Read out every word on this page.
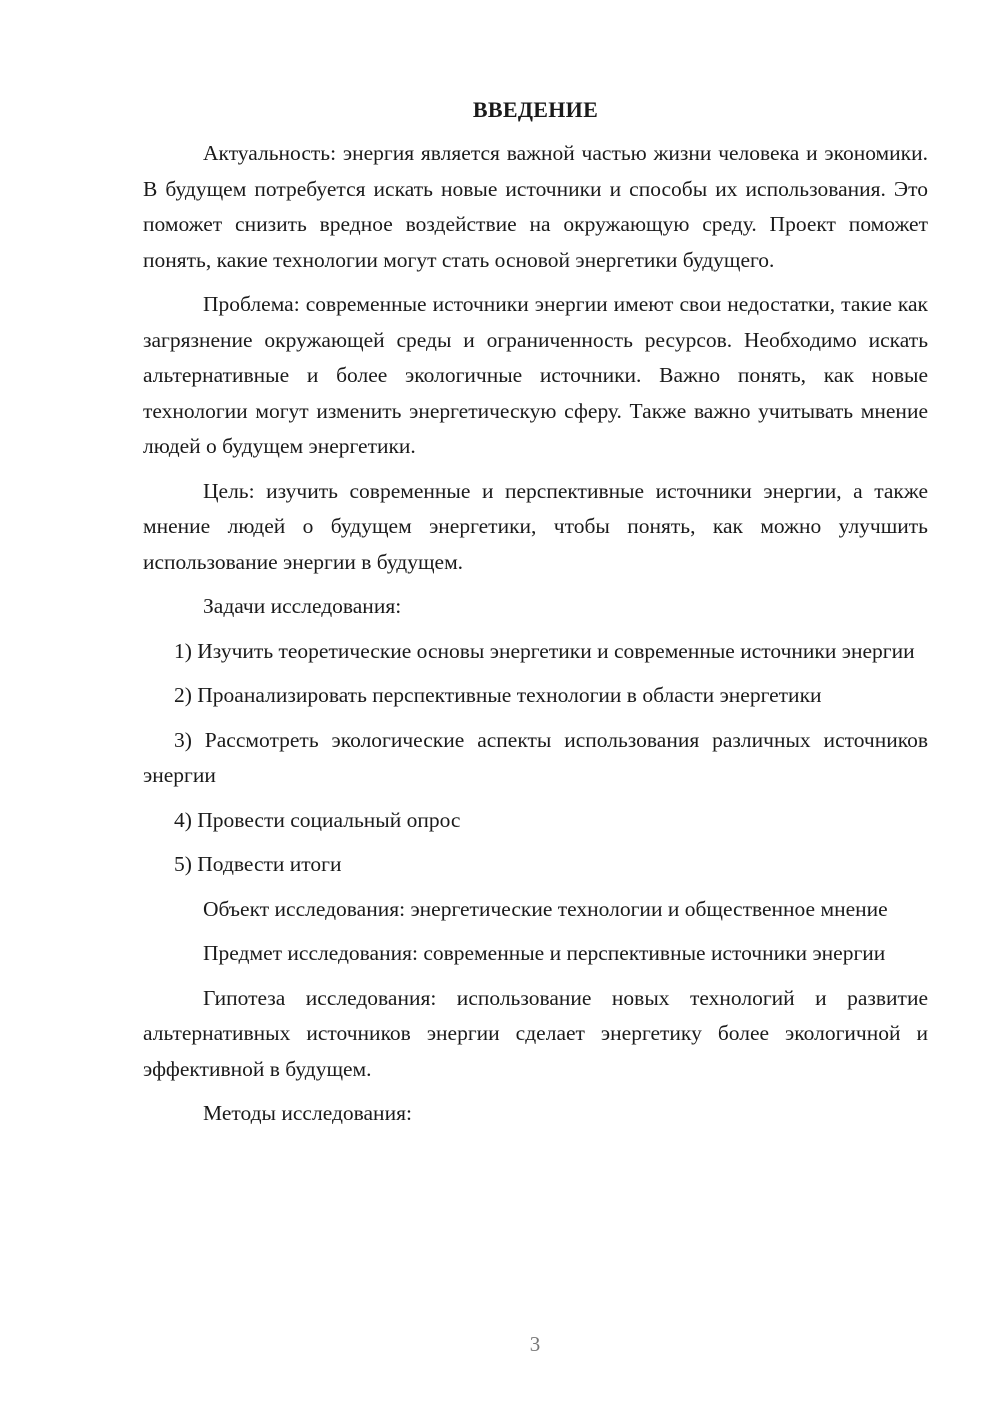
ВВЕДЕНИЕ

Актуальность: энергия является важной частью жизни человека и экономики. В будущем потребуется искать новые источники и способы их использования. Это поможет снизить вредное воздействие на окружающую среду. Проект поможет понять, какие технологии могут стать основой энергетики будущего.

Проблема: современные источники энергии имеют свои недостатки, такие как загрязнение окружающей среды и ограниченность ресурсов. Необходимо искать альтернативные и более экологичные источники. Важно понять, как новые технологии могут изменить энергетическую сферу. Также важно учитывать мнение людей о будущем энергетики.

Цель: изучить современные и перспективные источники энергии, а также мнение людей о будущем энергетики, чтобы понять, как можно улучшить использование энергии в будущем.

Задачи исследования:

1) Изучить теоретические основы энергетики и современные источники энергии

2) Проанализировать перспективные технологии в области энергетики

3) Рассмотреть экологические аспекты использования различных источников энергии

4) Провести социальный опрос

5) Подвести итоги

Объект исследования: энергетические технологии и общественное мнение

Предмет исследования: современные и перспективные источники энергии

Гипотеза исследования: использование новых технологий и развитие альтернативных источников энергии сделает энергетику более экологичной и эффективной в будущем.

Методы исследования:

3
